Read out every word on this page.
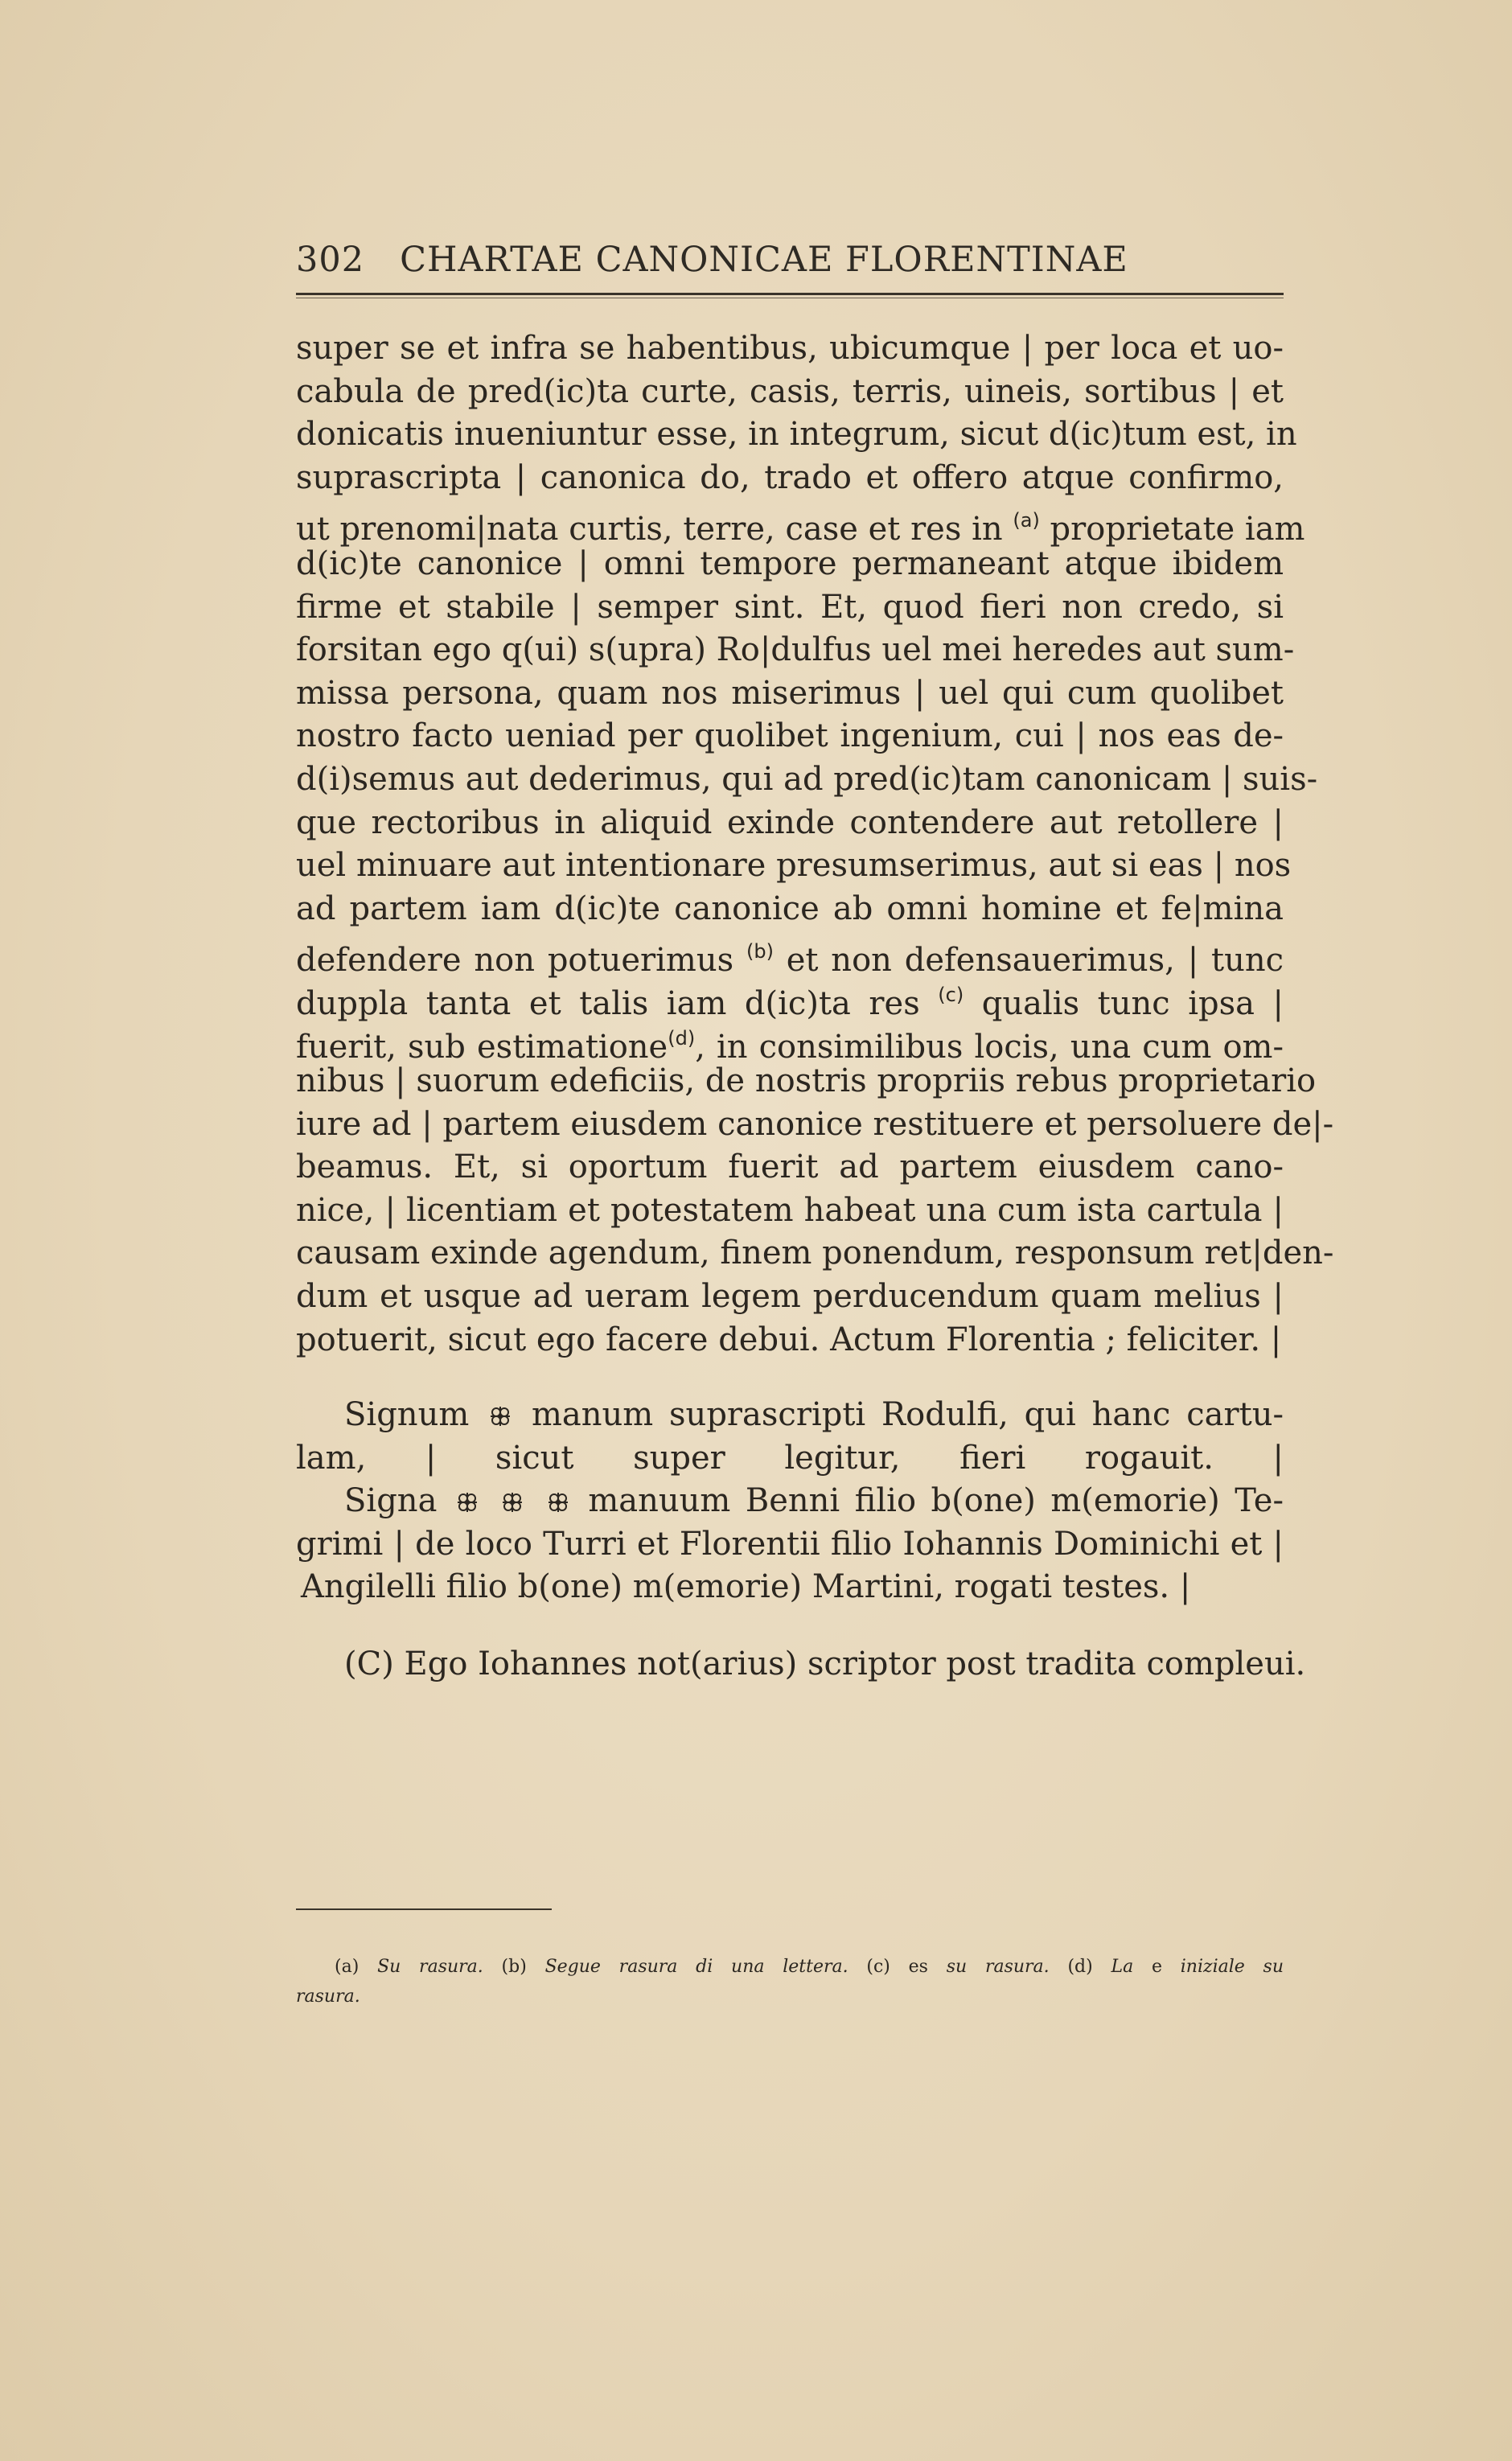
302 CHARTAE CANONICAE FLORENTINAE
super se et infra se habentibus, ubicumque | per loca et uo-
cabula de pred(ic)ta curte, casis, terris, uineis, sortibus | et
donicatis inueniuntur esse, in integrum, sicut d(ic)tum est, in
suprascripta | canonica do, trado et offero atque confirmo,
ut prenomi|nata curtis, terre, case et res in $^{(a)}$ proprietate iam
d(ic)te canonice | omni tempore permaneant atque ibidem
firme et stabile | semper sint. Et, quod fieri non credo, si
forsitan ego q(ui) s(upra) Ro|dulfus uel mei heredes aut sum-
missa persona, quam nos miserimus | uel qui cum quolibet
nostro facto ueniad per quolibet ingenium, cui | nos eas de-
d(i)semus aut dederimus, qui ad pred(ic)tam canonicam | suis-
que rectoribus in aliquid exinde contendere aut retollere |
uel minuare aut intentionare presumserimus, aut si eas | nos
ad partem iam d(ic)te canonice ab omni homine et fe|mina
defendere non potuerimus $^{(b)}$ et non defensauerimus, | tunc
duppla tanta et talis iam d(ic)ta res $^{(c)}$ qualis tunc ipsa |
fuerit, sub estimatione$^{(d)}$, in consimilibus locis, una cum om-
nibus | suorum edeficiis, de nostris propriis rebus proprietario
iure ad | partem eiusdem canonice restituere et persoluere de|-
beamus. Et, si oportum fuerit ad partem eiusdem cano-
nice, | licentiam et potestatem habeat una cum ista cartula |
causam exinde agendum, finem ponendum, responsum ret|den-
dum et usque ad ueram legem perducendum quam melius |
potuerit, sicut ego facere debui. Actum Florentia ; feliciter. |
Signum manum suprascripti Rodulfi, qui hanc cartu-
lam, | sicut super legitur, fieri rogauit. |
Signa

	manuum Benni filio b(one) m(emorie) Te-
grimi | de loco Turri et Florentii filio Iohannis Dominichi et |
Angilelli filio b(one) m(emorie) Martini, rogati testes. |
(C) Ego Iohannes not(arius) scriptor post tradita compleui.
(a) Su rasura. (b) Segue rasura di una lettera. (c) es su rasura. (d) La e iniziale su
rasura.
